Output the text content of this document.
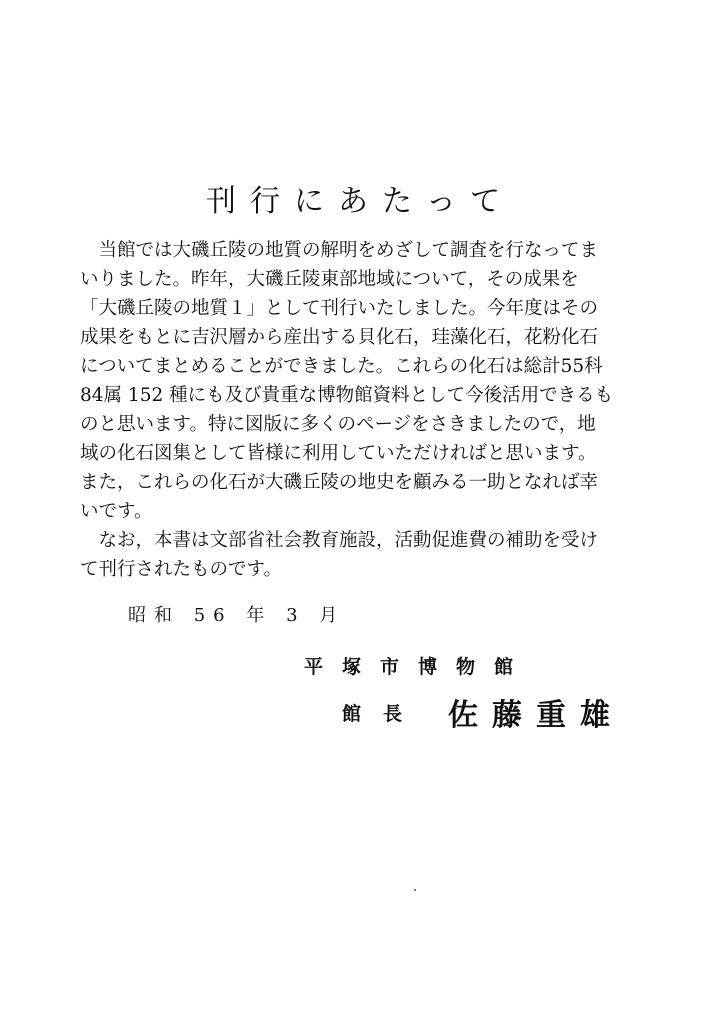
刊行にあたって
　当館では大磯丘陵の地質の解明をめざして調査を行なってま
いりました。昨年，大磯丘陵東部地域について，その成果を
「大磯丘陵の地質１」として刊行いたしました。今年度はその
成果をもとに吉沢層から産出する貝化石，珪藻化石，花粉化石
についてまとめることができました。これらの化石は総計55科
84属 152 種にも及び貴重な博物館資料として今後活用できるも
のと思います。特に図版に多くのページをさきましたので，地
域の化石図集として皆様に利用していただければと思います。
また，これらの化石が大磯丘陵の地史を顧みる一助となれば幸
いです。
　なお，本書は文部省社会教育施設，活動促進費の補助を受け
て刊行されたものです。
昭和 56 年 3 月
平塚市博物館
館長 佐藤重雄
